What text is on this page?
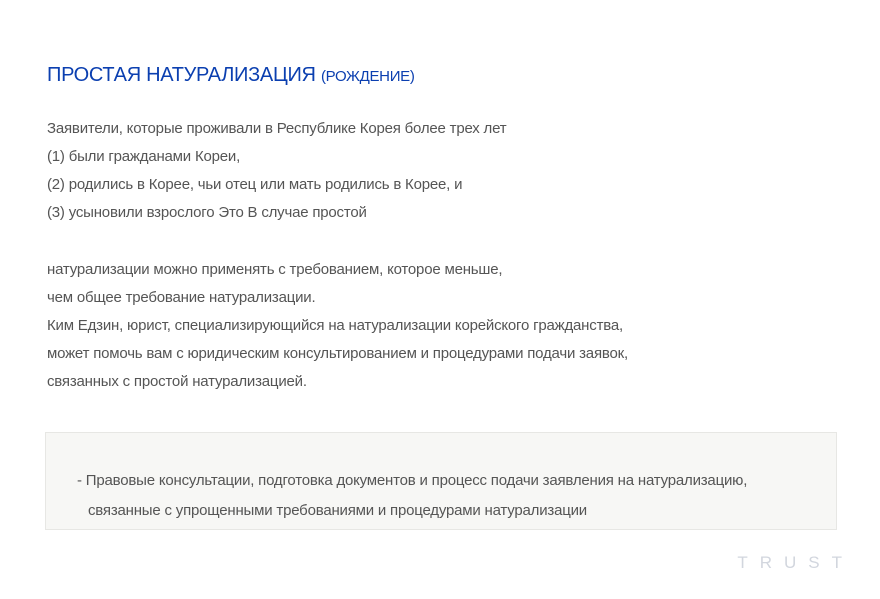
ПРОСТАЯ НАТУРАЛИЗАЦИЯ (РОЖДЕНИЕ)
Заявители, которые проживали в Республике Корея более трех лет
(1) были гражданами Кореи,
(2) родились в Корее, чьи отец или мать родились в Корее, и
(3) усыновили взрослого Это В случае простой
натурализации можно применять с требованием, которое меньше,
чем общее требование натурализации.
Ким Едзин, юрист, специализирующийся на натурализации корейского гражданства,
может помочь вам с юридическим консультированием и процедурами подачи заявок,
связанных с простой натурализацией.
- Правовые консультации, подготовка документов и процесс подачи заявления на натурализацию,
связанные с упрощенными требованиями и процедурами натурализации
TRUST
